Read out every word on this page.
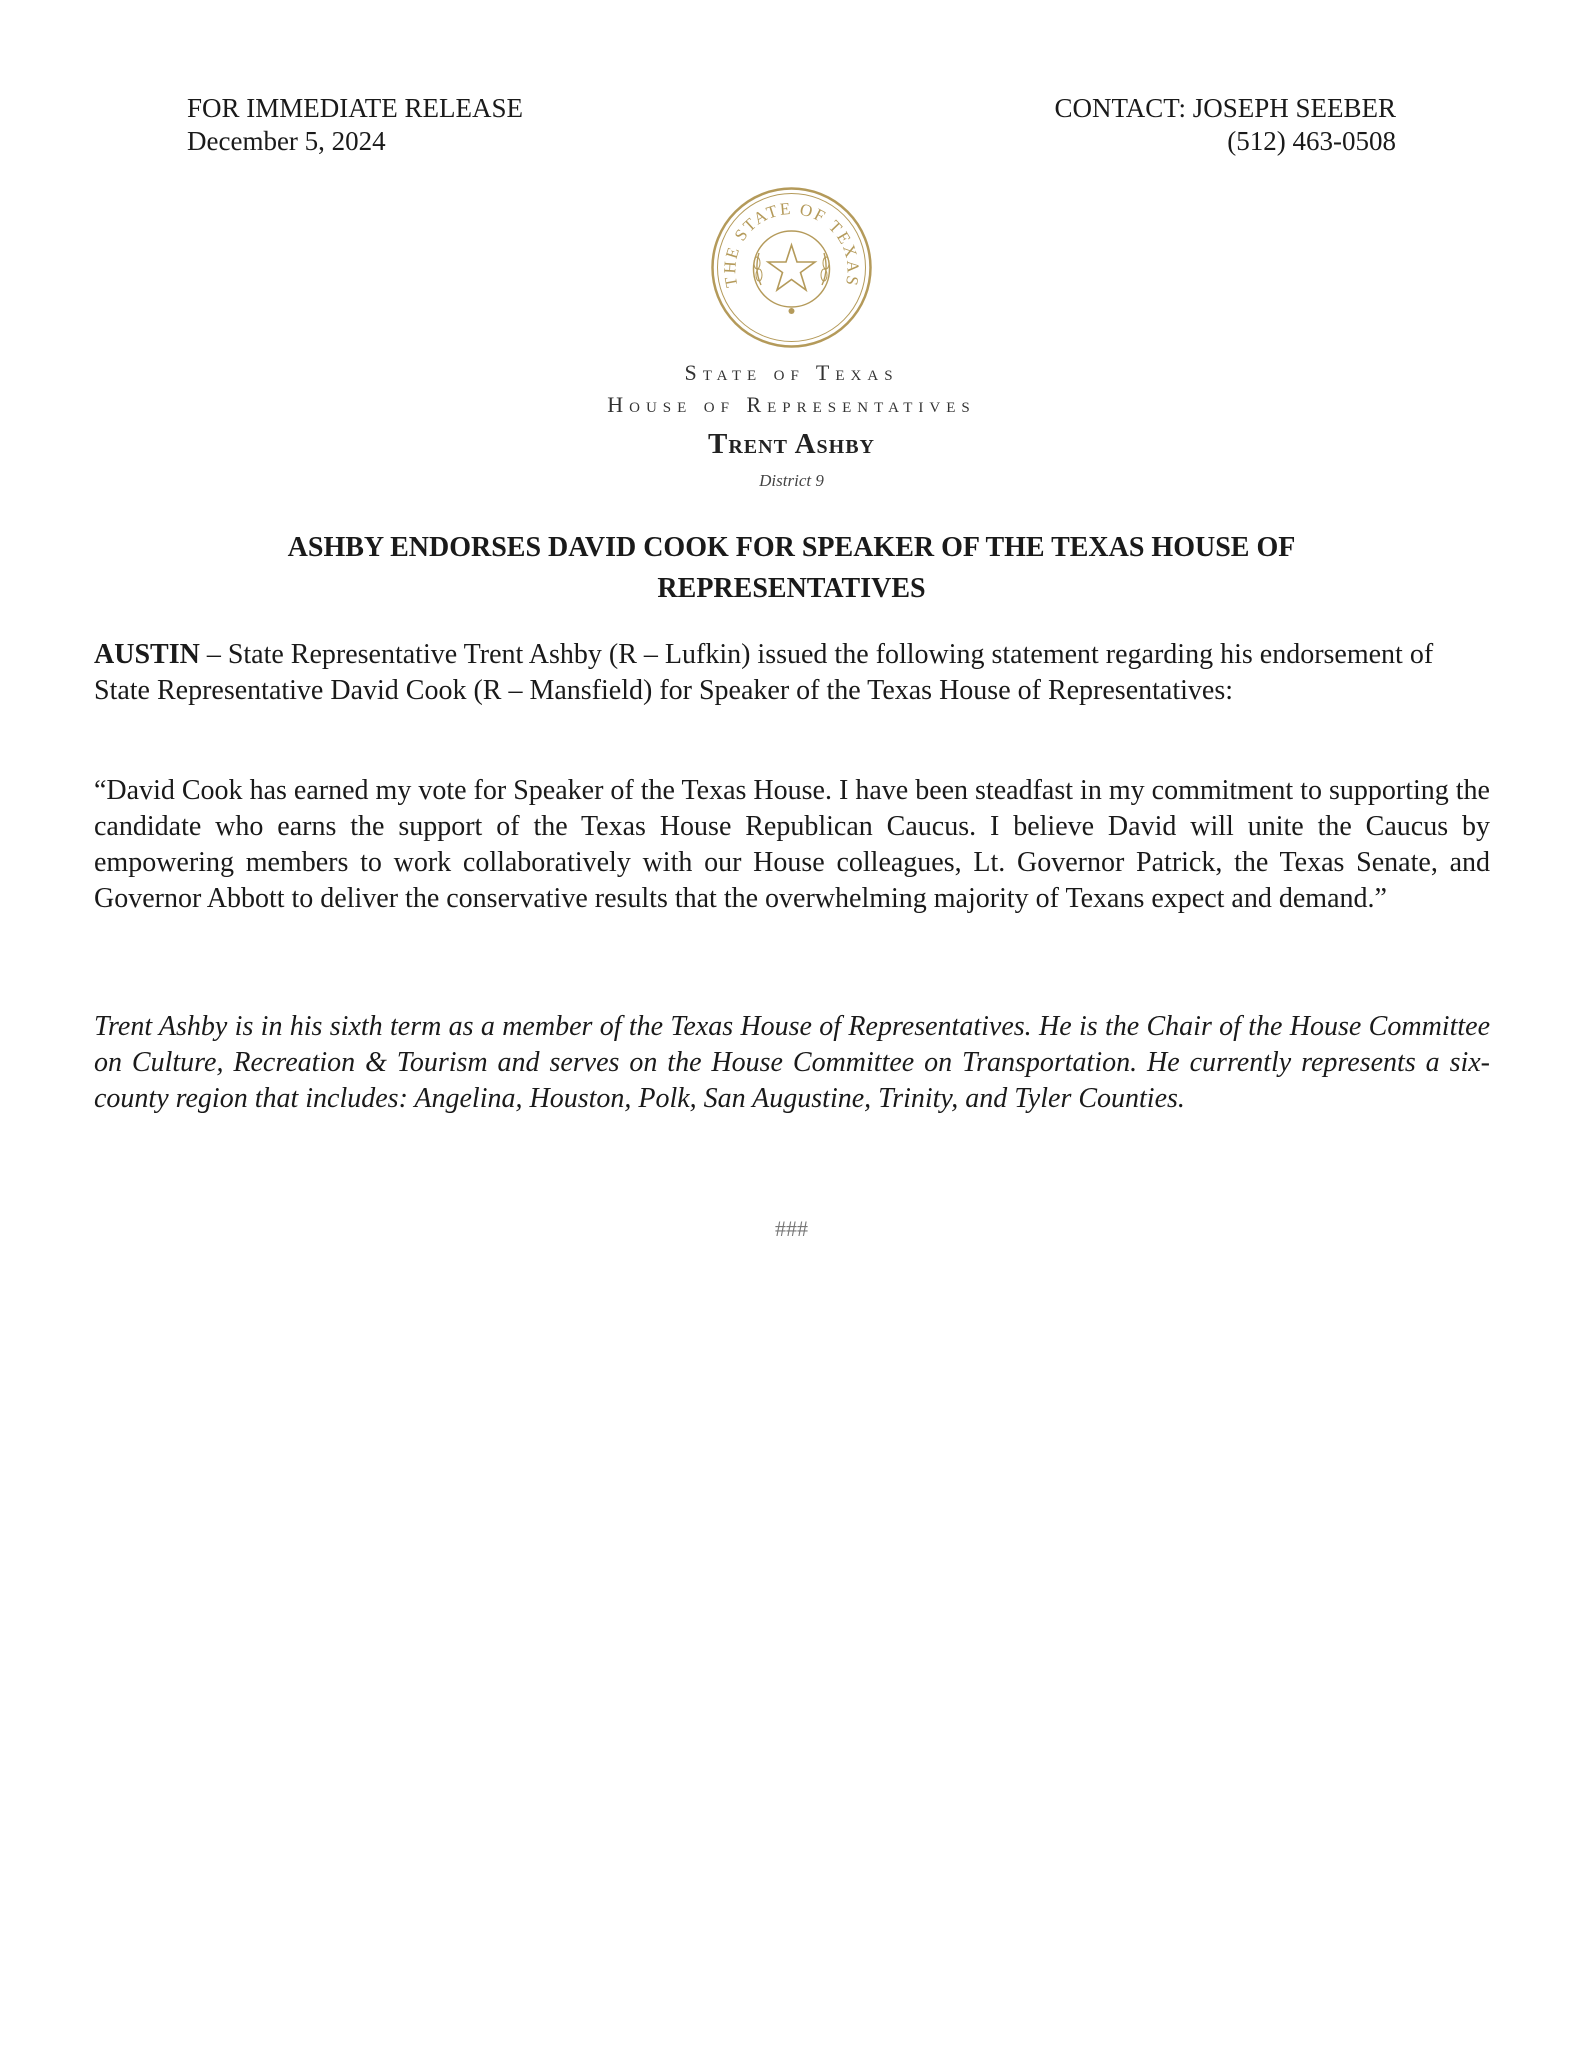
FOR IMMEDIATE RELEASE
December 5, 2024
CONTACT: JOSEPH SEEBER
(512) 463-0508
THE STATE OF TEXAS
State of Texas
House of Representatives
Trent Ashby
District 9
ASHBY ENDORSES DAVID COOK FOR SPEAKER OF THE TEXAS HOUSE OF REPRESENTATIVES
AUSTIN – State Representative Trent Ashby (R – Lufkin) issued the following statement regarding his endorsement of State Representative David Cook (R – Mansfield) for Speaker of the Texas House of Representatives:
“David Cook has earned my vote for Speaker of the Texas House. I have been steadfast in my commitment to supporting the candidate who earns the support of the Texas House Republican Caucus. I believe David will unite the Caucus by empowering members to work collaboratively with our House colleagues, Lt. Governor Patrick, the Texas Senate, and Governor Abbott to deliver the conservative results that the overwhelming majority of Texans expect and demand.”
Trent Ashby is in his sixth term as a member of the Texas House of Representatives. He is the Chair of the House Committee on Culture, Recreation & Tourism and serves on the House Committee on Transportation. He currently represents a six-county region that includes: Angelina, Houston, Polk, San Augustine, Trinity, and Tyler Counties.
###
